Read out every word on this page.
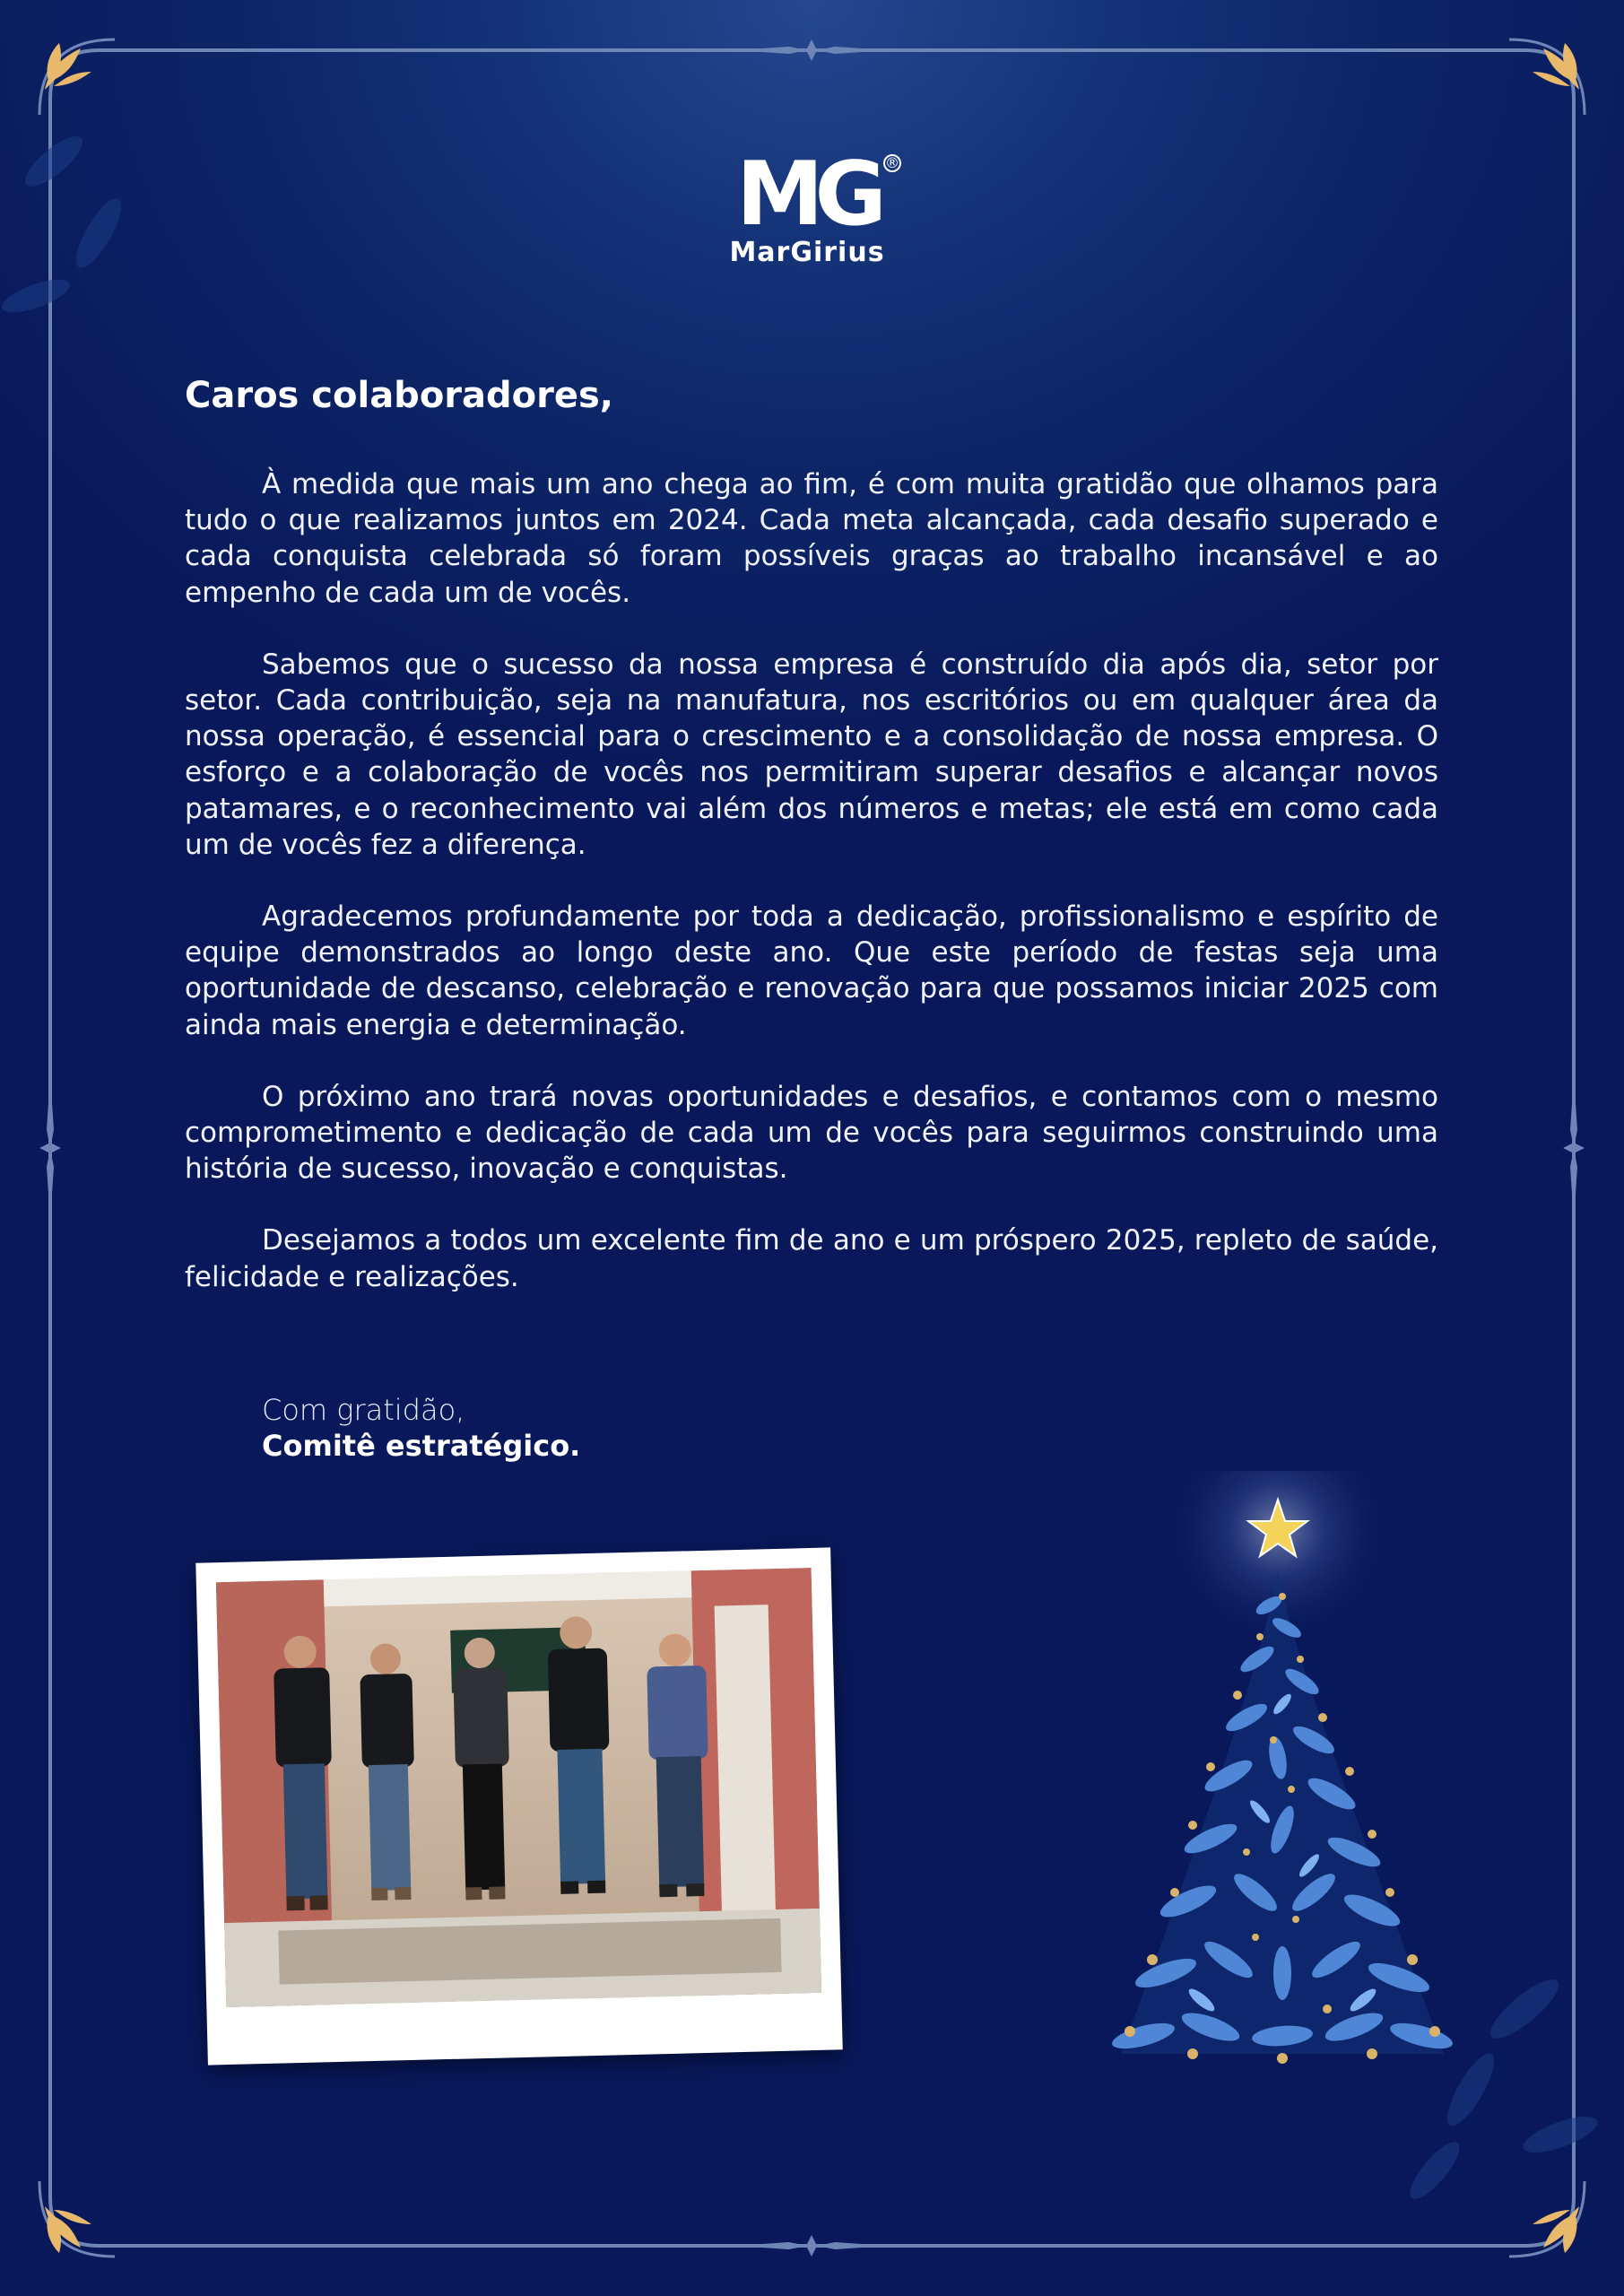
MG ®
MarGirius
Caros colaboradores,

À medida que mais um ano chega ao fim, é com muita gratidão que olhamos para tudo o que realizamos juntos em 2024. Cada meta alcançada, cada desafio superado e cada conquista celebrada só foram possíveis graças ao trabalho incansável e ao empenho de cada um de vocês.

Sabemos que o sucesso da nossa empresa é construído dia após dia, setor por setor. Cada contribuição, seja na manufatura, nos escritórios ou em qualquer área da nossa operação, é essencial para o crescimento e a consolidação de nossa empresa. O esforço e a colaboração de vocês nos permitiram superar desafios e alcançar novos patamares, e o reconhecimento vai além dos números e metas; ele está em como cada um de vocês fez a diferença.

Agradecemos profundamente por toda a dedicação, profissionalismo e espírito de equipe demonstrados ao longo deste ano. Que este período de festas seja uma oportunidade de descanso, celebração e renovação para que possamos iniciar 2025 com ainda mais energia e determinação.

O próximo ano trará novas oportunidades e desafios, e contamos com o mesmo comprometimento e dedicação de cada um de vocês para seguirmos construindo uma história de sucesso, inovação e conquistas.

Desejamos a todos um excelente fim de ano e um próspero 2025, repleto de saúde, felicidade e realizações.

Com gratidão,
Comitê estratégico.
